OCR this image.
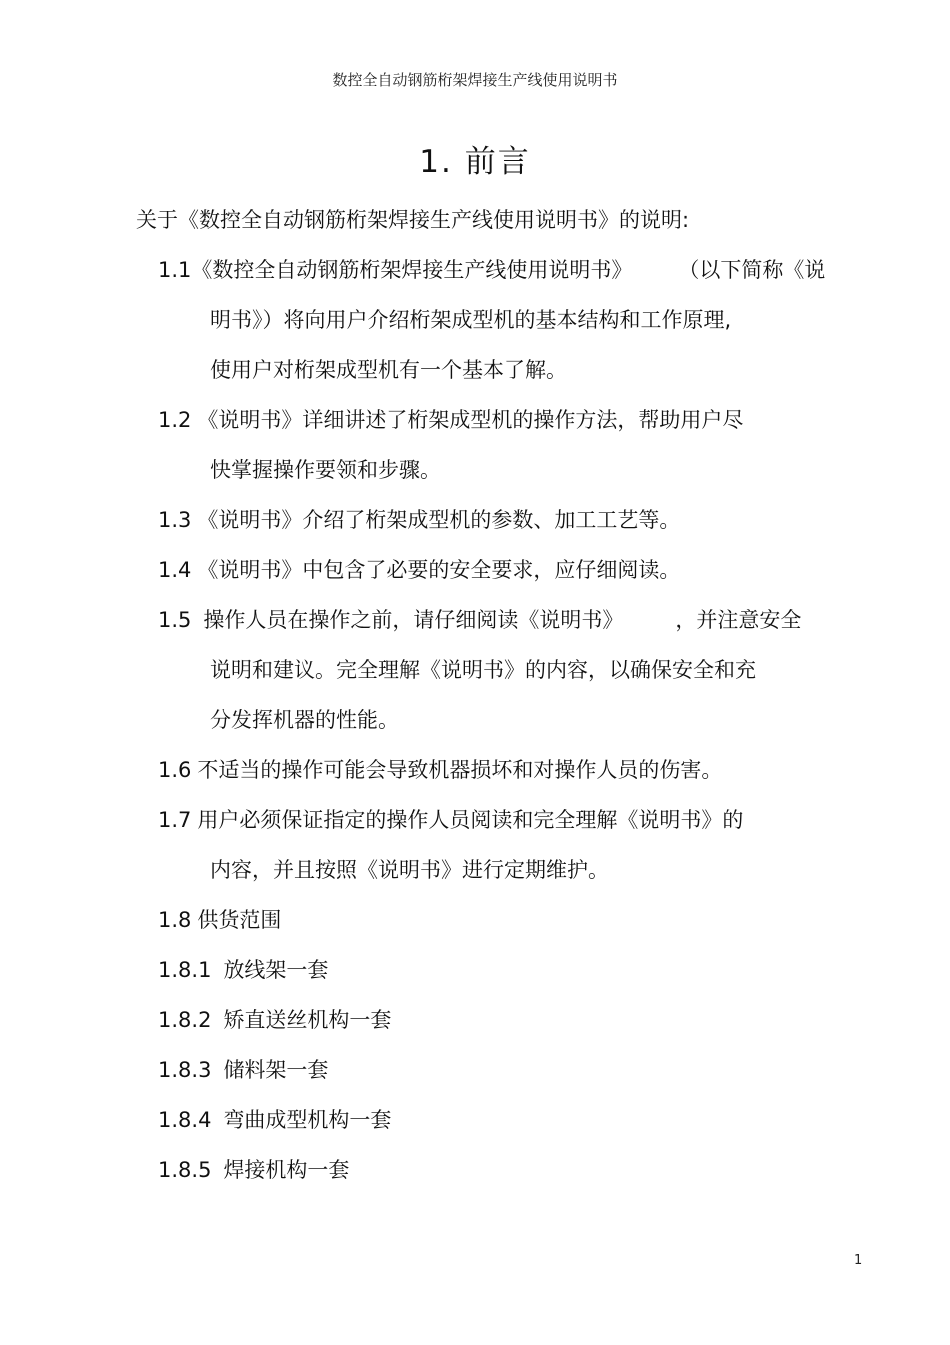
数控全自动钢筋桁架焊接生产线使用说明书
1. 前言
关于《数控全自动钢筋桁架焊接生产线使用说明书》的说明:
1.1《数控全自动钢筋桁架焊接生产线使用说明书》 （以下简称《说
明书》）将向用户介绍桁架成型机的基本结构和工作原理,
使用户对桁架成型机有一个基本了解。
1.2 《说明书》详细讲述了桁架成型机的操作方法，帮助用户尽
快掌握操作要领和步骤。
1.3 《说明书》介绍了桁架成型机的参数、加工工艺等。
1.4 《说明书》中包含了必要的安全要求，应仔细阅读。
1.5 操作人员在操作之前，请仔细阅读《说明书》 ，并注意安全
说明和建议。完全理解《说明书》的内容，以确保安全和充
分发挥机器的性能。
1.6 不适当的操作可能会导致机器损坏和对操作人员的伤害。
1.7 用户必须保证指定的操作人员阅读和完全理解《说明书》的
内容，并且按照《说明书》进行定期维护。
1.8 供货范围
1.8.1 放线架一套
1.8.2 矫直送丝机构一套
1.8.3 储料架一套
1.8.4 弯曲成型机构一套
1.8.5 焊接机构一套
1
